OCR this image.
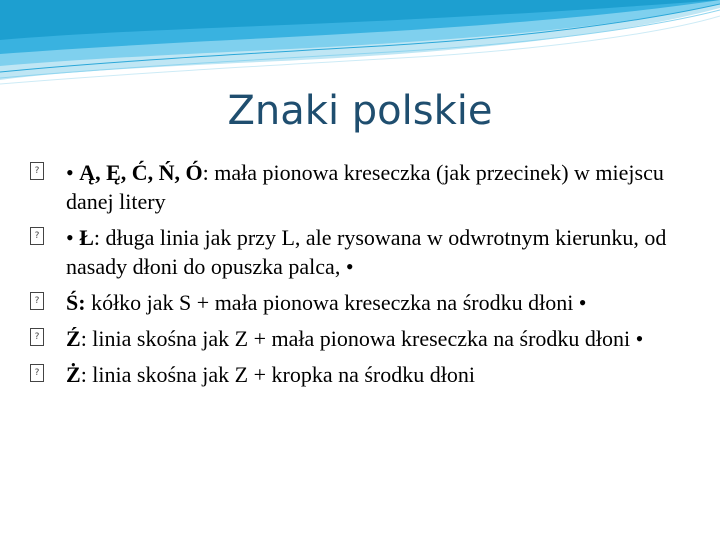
Znaki polskie
? • Ą, Ę, Ć, Ń, Ó: mała pionowa kreseczka (jak przecinek) w miejscu danej litery
? • Ł: długa linia jak przy L, ale rysowana w odwrotnym kierunku, od nasady dłoni do opuszka palca, •
? Ś: kółko jak S + mała pionowa kreseczka na środku dłoni •
? Ź: linia skośna jak Z + mała pionowa kreseczka na środku dłoni •
? Ż: linia skośna jak Z + kropka na środku dłoni
